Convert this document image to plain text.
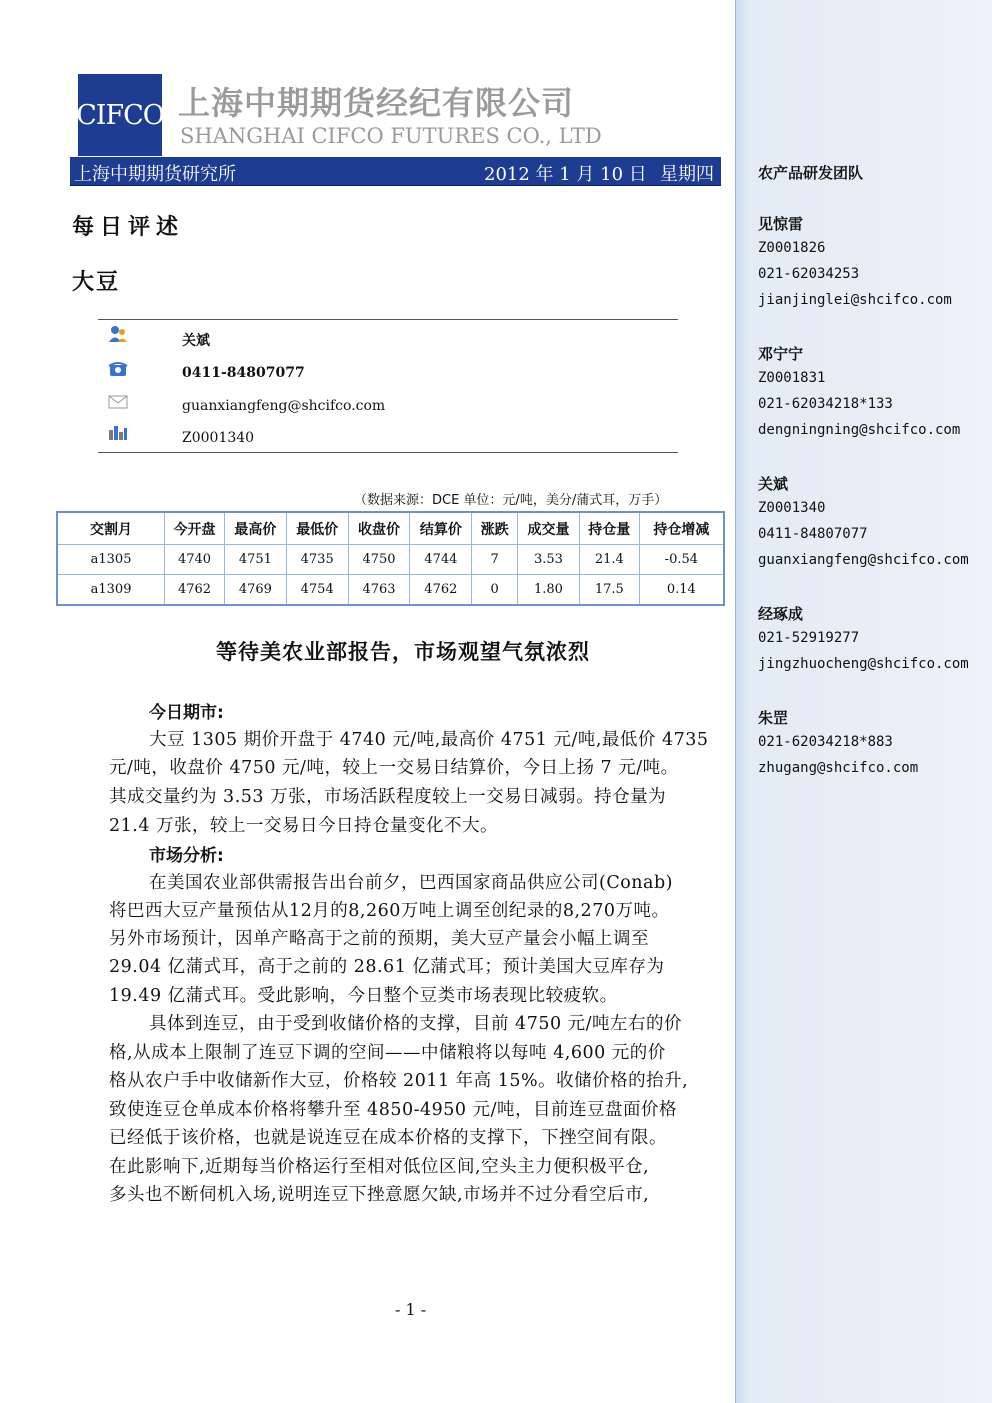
农产品研发团队
见惊雷
Z0001826
021-62034253
jianjinglei@shcifco.com
邓宁宁
Z0001831
021-62034218*133
dengningning@shcifco.com
关斌
Z0001340
0411-84807077
guanxiangfeng@shcifco.com
经琢成
021-52919277
jingzhuocheng@shcifco.com
朱罡
021-62034218*883
zhugang@shcifco.com
CIFCO 上海中期期货经纪有限公司
SHANGHAI CIFCO FUTURES CO., LTD
上海中期期货研究所	2012 年 1 月 10 日 星期四
每日评述
大豆
关斌
0411-84807077
guanxiangfeng@shcifco.com
Z0001340
（数据来源：DCE 单位：元/吨，美分/蒲式耳，万手）
交割月	今开盘	最高价	最低价	收盘价	结算价	涨跌	成交量	持仓量	持仓增减
a1305	4740	4751	4735	4750	4744	7	3.53	21.4	-0.54
a1309	4762	4769	4754	4763	4762	0	1.80	17.5	0.14
等待美农业部报告，市场观望气氛浓烈
今日期市:
大豆 1305 期价开盘于 4740 元/吨,最高价 4751 元/吨,最低价 4735
元/吨，收盘价 4750 元/吨，较上一交易日结算价，今日上扬 7 元/吨。
其成交量约为 3.53 万张，市场活跃程度较上一交易日减弱。持仓量为
21.4 万张，较上一交易日今日持仓量变化不大。
市场分析:
在美国农业部供需报告出台前夕，巴西国家商品供应公司(Conab)
将巴西大豆产量预估从12月的8,260万吨上调至创纪录的8,270万吨。
另外市场预计，因单产略高于之前的预期，美大豆产量会小幅上调至
29.04 亿蒲式耳，高于之前的 28.61 亿蒲式耳；预计美国大豆库存为
19.49 亿蒲式耳。受此影响，今日整个豆类市场表现比较疲软。
具体到连豆，由于受到收储价格的支撑，目前 4750 元/吨左右的价
格,从成本上限制了连豆下调的空间——中储粮将以每吨 4,600 元的价
格从农户手中收储新作大豆，价格较 2011 年高 15%。收储价格的抬升,
致使连豆仓单成本价格将攀升至 4850-4950 元/吨，目前连豆盘面价格
已经低于该价格，也就是说连豆在成本价格的支撑下，下挫空间有限。
在此影响下,近期每当价格运行至相对低位区间,空头主力便积极平仓,
多头也不断伺机入场,说明连豆下挫意愿欠缺,市场并不过分看空后市,
- 1 -
